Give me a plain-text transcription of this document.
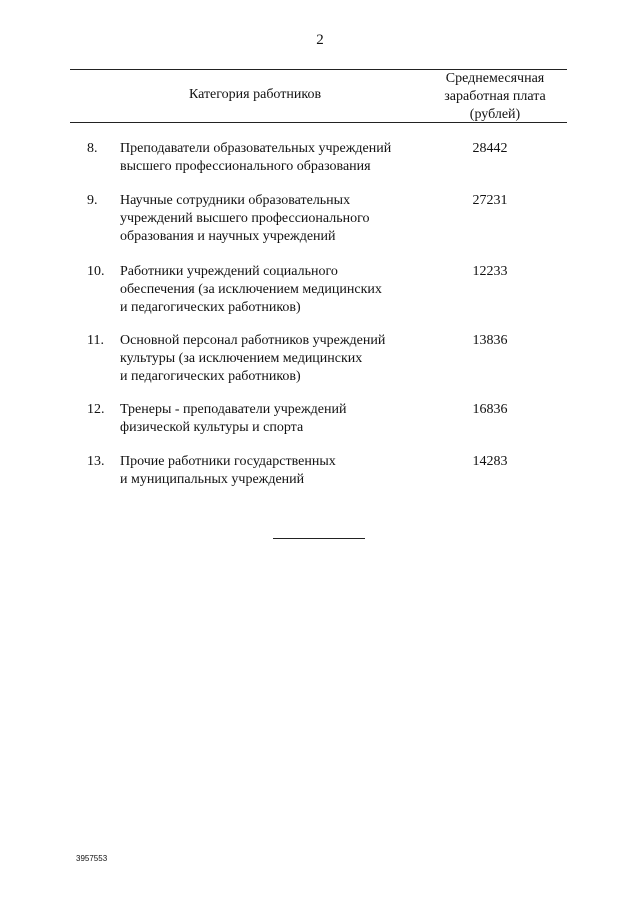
2
Категория работников
Среднемесячная
заработная плата
(рублей)
8. Преподаватели образовательных учреждений
высшего профессионального образования
28442
9. Научные сотрудники образовательных
учреждений высшего профессионального
образования и научных учреждений
27231
10. Работники учреждений социального
обеспечения (за исключением медицинских
и педагогических работников)
12233
11. Основной персонал работников учреждений
культуры (за исключением медицинских
и педагогических работников)
13836
12. Тренеры - преподаватели учреждений
физической культуры и спорта
16836
13. Прочие работники государственных
и муниципальных учреждений
14283
3957553
